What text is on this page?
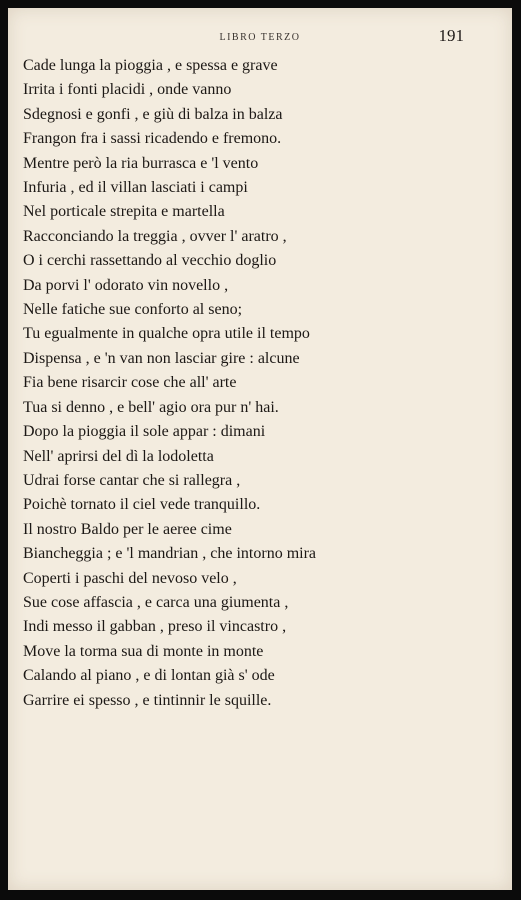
LIBRO TERZO	191
Cade lunga la pioggia , e spessa e grave
Irrita i fonti placidi , onde vanno
Sdegnosi e gonfi , e giù di balza in balza
Frangon fra i sassi ricadendo e fremono.
Mentre però la ria burrasca e 'l vento
Infuria , ed il villan lasciati i campi
Nel porticale strepita e martella
Racconciando la treggia , ovver l' aratro ,
O i cerchi rassettando al vecchio doglio
Da porvi l' odorato vin novello ,
Nelle fatiche sue conforto al seno;
Tu egualmente in qualche opra utile il tempo
Dispensa , e 'n van non lasciar gire : alcune
Fia bene risarcir cose che all' arte
Tua si denno , e bell' agio ora pur n' hai.
Dopo la pioggia il sole appar : dimani
Nell' aprirsi del dì la lodoletta
Udrai forse cantar che si rallegra ,
Poichè tornato il ciel vede tranquillo.
Il nostro Baldo per le aeree cime
Biancheggia ; e 'l mandrian , che intorno mira
Coperti i paschi del nevoso velo ,
Sue cose affascia , e carca una giumenta ,
Indi messo il gabban , preso il vincastro ,
Move la torma sua di monte in monte
Calando al piano , e di lontan già s' ode
Garrire ei spesso , e tintinnir le squille.
